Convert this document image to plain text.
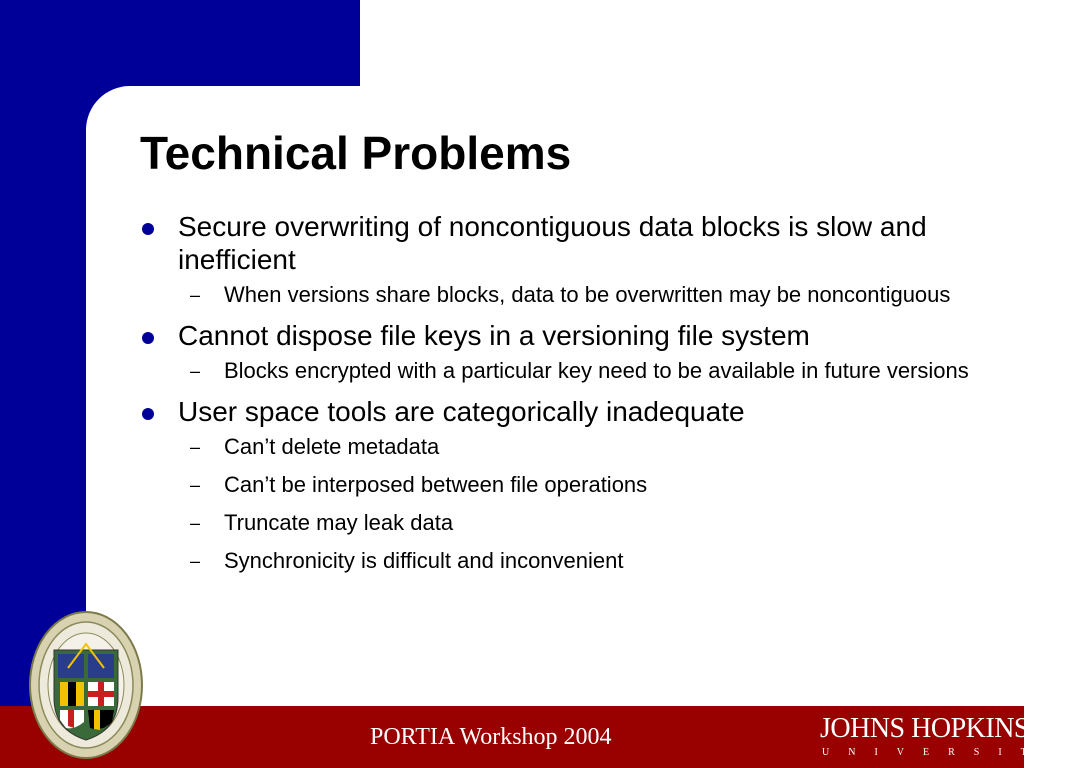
Technical Problems
Secure overwriting of noncontiguous data blocks is slow and inefficient
– When versions share blocks, data to be overwritten may be noncontiguous
Cannot dispose file keys in a versioning file system
– Blocks encrypted with a particular key need to be available in future versions
User space tools are categorically inadequate
– Can’t delete metadata
– Can’t be interposed between file operations
– Truncate may leak data
– Synchronicity is difficult and inconvenient
PORTIA Workshop 2004	JOHNS HOPKINS
UNIVERSITY
